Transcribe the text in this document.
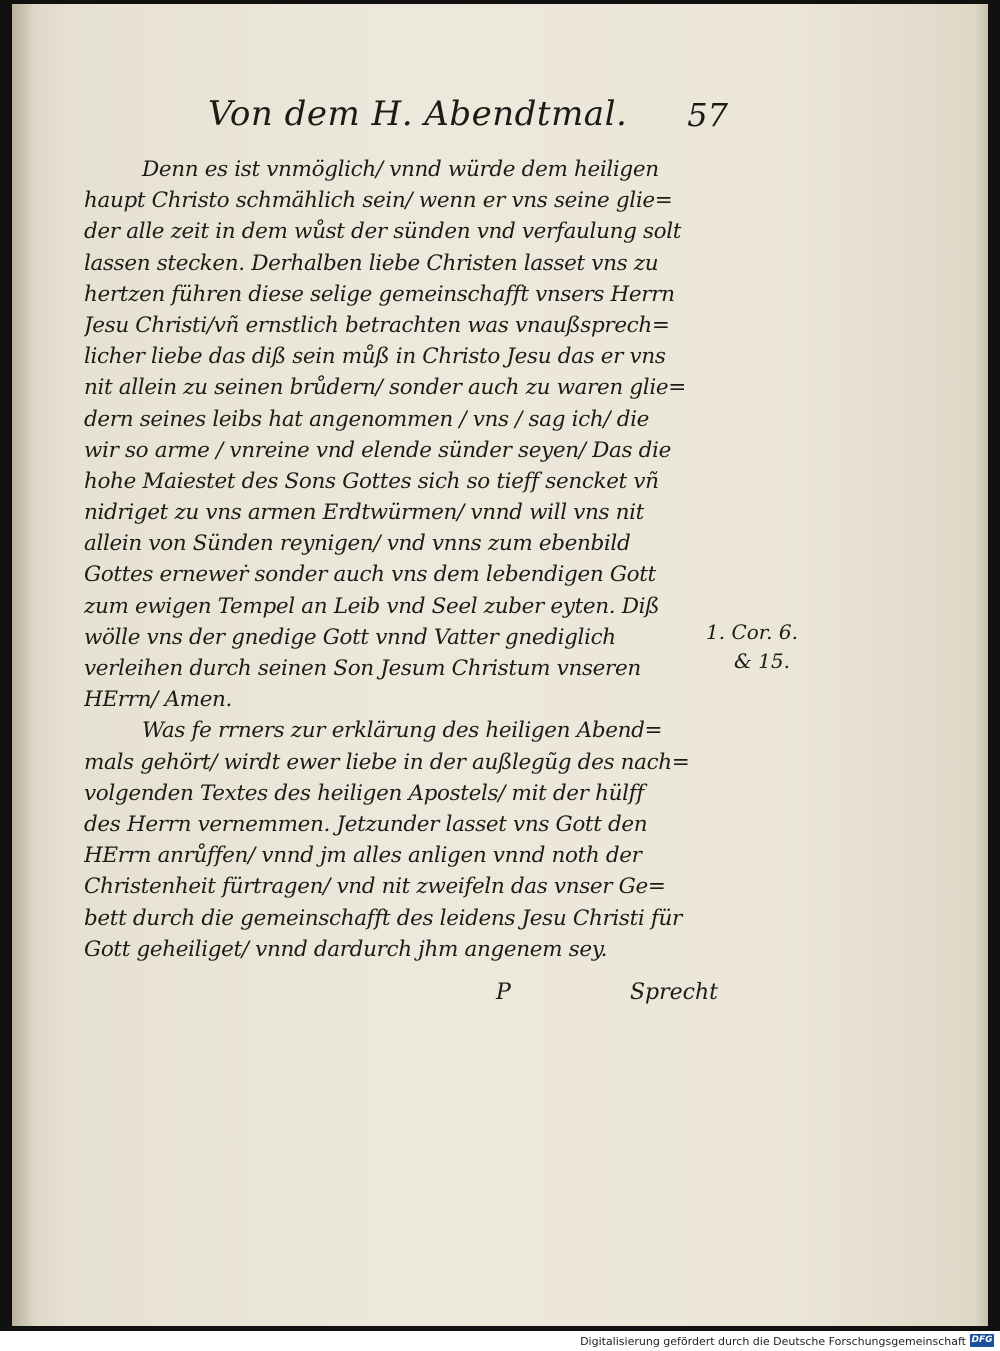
Von dem H. Abendtmal. 57
Denn es ist vnmöglich/ vnnd würde dem heiligen
haupt Christo schmählich sein/ wenn er vns seine glie=
der alle zeit in dem wůst der sünden vnd verfaulung solt
lassen stecken. Derhalben liebe Christen lasset vns zu
hertzen führen diese selige gemeinschafft vnsers Herrn
Jesu Christi/vñ ernstlich betrachten was vnaußsprech=
licher liebe das diß sein můß in Christo Jesu das er vns
nit allein zu seinen brůdern/ sonder auch zu waren glie=
dern seines leibs hat angenommen / vns / sag ich/ die
wir so arme / vnreine vnd elende sünder seyen/ Das die
hohe Maiestet des Sons Gottes sich so tieff sencket vñ
nidriget zu vns armen Erdtwürmen/ vnnd will vns nit
allein von Sünden reynigen/ vnd vnns zum ebenbild
Gottes erneweṙ sonder auch vns dem lebendigen Gott
zum ewigen Tempel an Leib vnd Seel zuber eyten. Diß
wölle vns der gnedige Gott vnnd Vatter gnediglich
verleihen durch seinen Son Jesum Christum vnseren
HErrn/ Amen.
Was fe rrners zur erklärung des heiligen Abend=
mals gehört/ wirdt ewer liebe in der außlegũg des nach=
volgenden Textes des heiligen Apostels/ mit der hülff
des Herrn vernemmen. Jetzunder lasset vns Gott den
HErrn anrůffen/ vnnd jm alles anligen vnnd noth der
Christenheit fürtragen/ vnd nit zweifeln das vnser Ge=
bett durch die gemeinschafft des leidens Jesu Christi für
Gott geheiliget/ vnnd dardurch jhm angenem sey.
P	Sprecht
1. Cor. 6.
& 15.
Digitalisierung gefördert durch die Deutsche Forschungsgemeinschaft DFG
